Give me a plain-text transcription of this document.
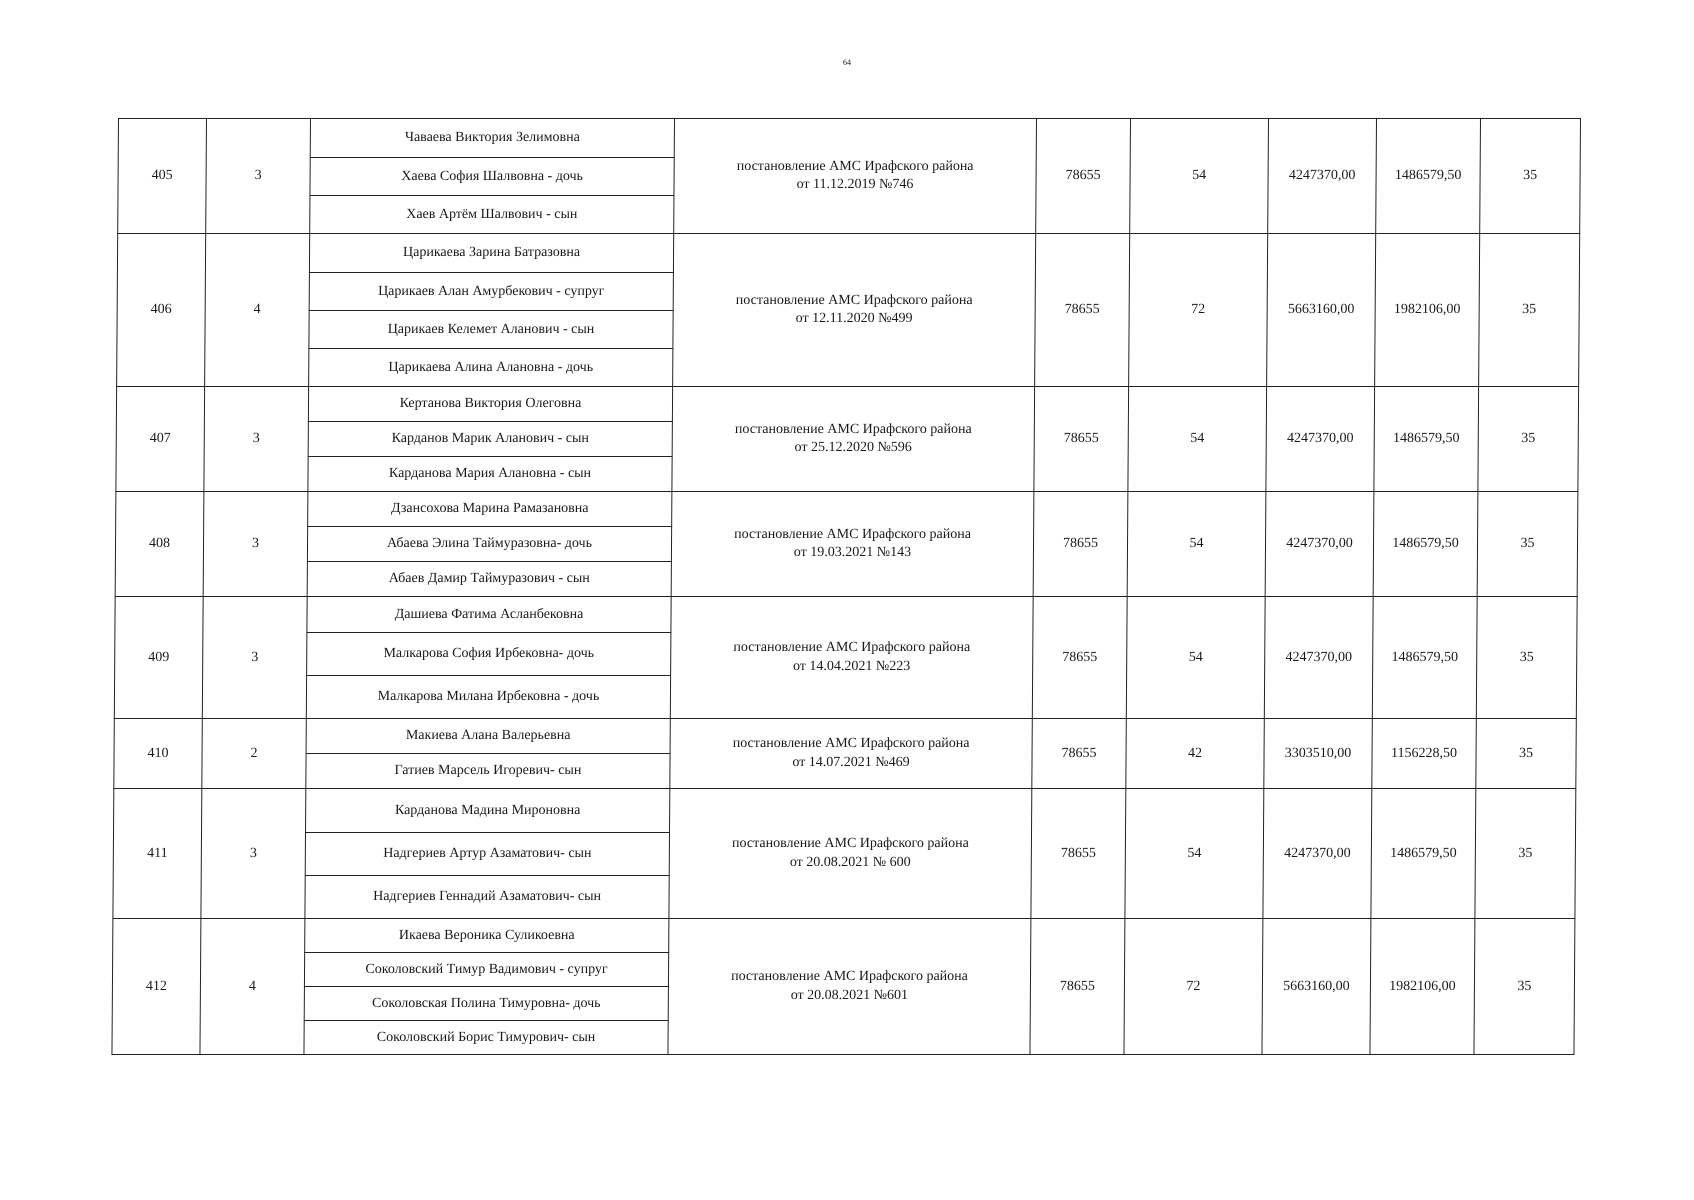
64
405	3	Чаваева Виктория Зелимовна	постановление АМС Ирафского района
от 11.12.2019 №746	78655	54	4247370,00	1486579,50	35
		Хаева София Шалвовна - дочь						
		Хаев Артём Шалвович - сын						
406	4	Царикаева Зарина Батразовна	постановление АМС Ирафского района
от 12.11.2020 №499	78655	72	5663160,00	1982106,00	35
		Царикаев Алан Амурбекович - супруг						
		Царикаев Келемет Аланович - сын						
		Царикаева Алина Алановна - дочь						
407	3	Кертанова Виктория Олеговна	постановление АМС Ирафского района
от 25.12.2020 №596	78655	54	4247370,00	1486579,50	35
		Карданов Марик Аланович - сын						
		Карданова Мария Алановна - сын						
408	3	Дзансохова Марина Рамазановна	постановление АМС Ирафского района
от 19.03.2021 №143	78655	54	4247370,00	1486579,50	35
		Абаева Элина Таймуразовна- дочь						
		Абаев Дамир Таймуразович - сын						
409	3	Дашиева Фатима Асланбековна	постановление АМС Ирафского района
от 14.04.2021 №223	78655	54	4247370,00	1486579,50	35
		Малкарова София Ирбековна- дочь						
		Малкарова Милана Ирбековна - дочь						
410	2	Макиева Алана Валерьевна	постановление АМС Ирафского района
от 14.07.2021 №469	78655	42	3303510,00	1156228,50	35
		Гатиев Марсель Игоревич- сын						
411	3	Карданова Мадина Мироновна	постановление АМС Ирафского района
от 20.08.2021 № 600	78655	54	4247370,00	1486579,50	35
		Надгериев Артур Азаматович- сын						
		Надгериев Геннадий Азаматович- сын						
412	4	Икаева Вероника Суликоевна	постановление АМС Ирафского района
от 20.08.2021 №601	78655	72	5663160,00	1982106,00	35
		Соколовский Тимур Вадимович - супруг						
		Соколовская Полина Тимуровна- дочь						
		Соколовский Борис Тимурович- сын						
